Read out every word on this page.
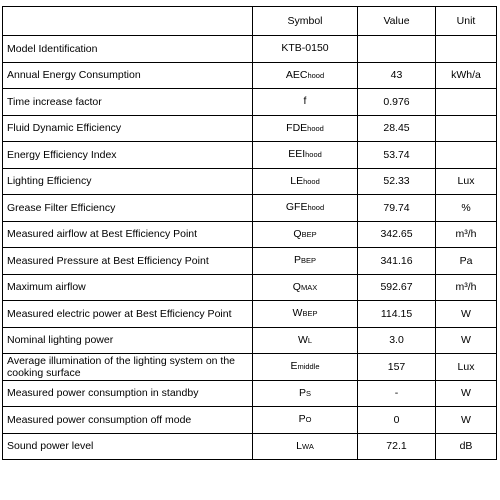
	Symbol	Value	Unit
Model Identification	KTB-0150		
Annual Energy Consumption	AEChood	43	kWh/a
Time increase factor	f	0.976	
Fluid Dynamic Efficiency	FDEhood	28.45	
Energy Efficiency Index	EEIhood	53.74	
Lighting Efficiency	LEhood	52.33	Lux
Grease Filter Efficiency	GFEhood	79.74	%
Measured airflow at Best Efficiency Point	QBEP	342.65	m³/h
Measured Pressure at Best Efficiency Point	PBEP	341.16	Pa
Maximum airflow	QMAX	592.67	m³/h
Measured electric power at Best Efficiency Point	WBEP	114.15	W
Nominal lighting power	WL	3.0	W
Average illumination of the lighting system on the cooking surface	Emiddle	157	Lux
Measured power consumption in standby	PS	-	W
Measured power consumption off mode	PO	0	W
Sound power level	LWA	72.1	dB
